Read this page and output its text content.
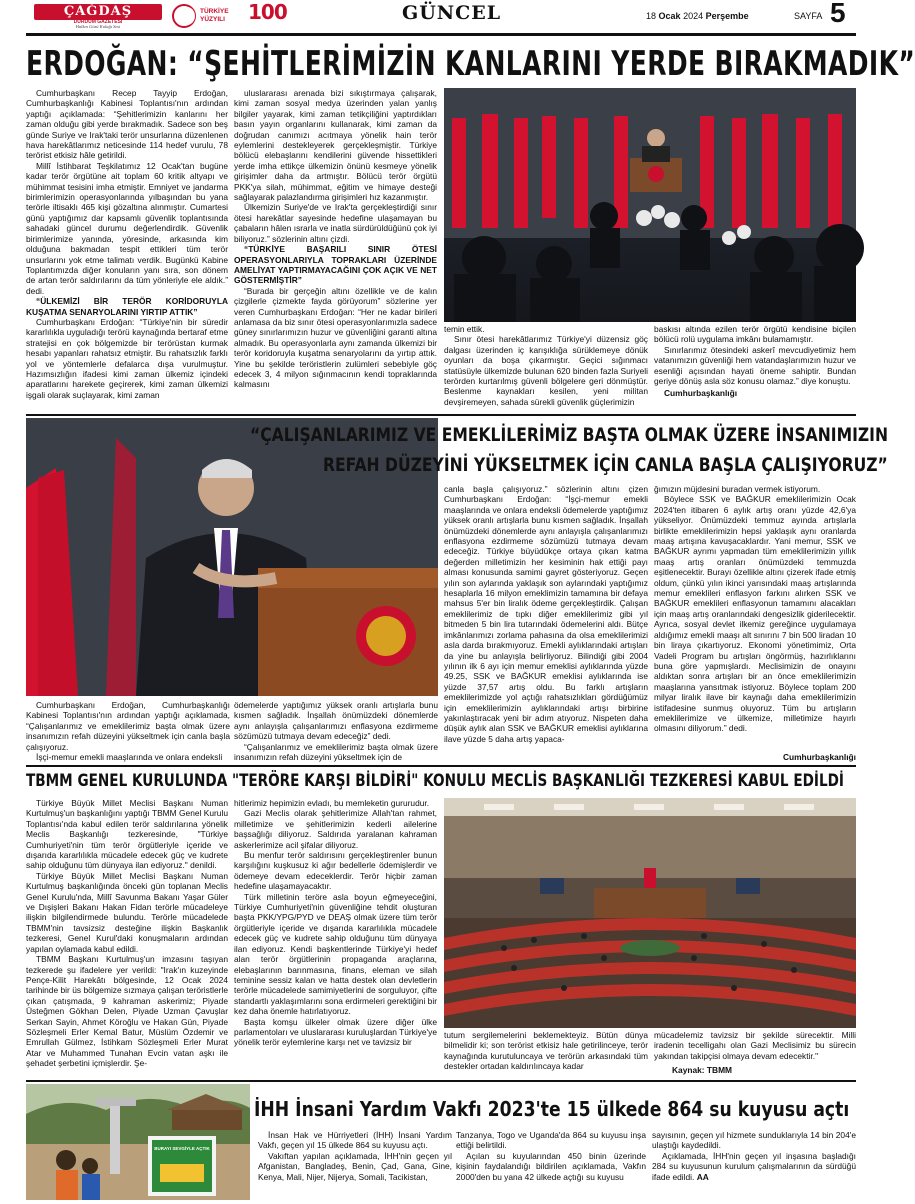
ÇAĞDAŞ
DURDUM GAZETESİ
Halkın Gözü Kulağı Sesi
TÜRKİYE
YÜZYILI 100	GÜNCEL	18 Ocak 2024 Perşembe	SAYFA 5
ERDOĞAN: “ŞEHİTLERİMİZİN KANLARINI YERDE BIRAKMADIK”

Cumhurbaşkanı Recep Tayyip Erdoğan, Cumhurbaşkanlığı Kabinesi Toplantısı'nın ardından yaptığı açıklamada: “Şehitlerimizin kanlarını her zaman olduğu gibi yerde bırakmadık. Sadece son beş günde Suriye ve Irak'taki terör unsurlarına düzenlenen hava harekâtlarımız neticesinde 114 hedef vurulu, 78 terörist etkisiz hâle getirildi.

Millî İstihbarat Teşkilatımız 12 Ocak'tan bugüne kadar terör örgütüne ait toplam 60 kritik altyapı ve mühimmat tesisini imha etmiştir. Emniyet ve jandarma birimlerimizin operasyonlarında yılbaşından bu yana terörle iltisaklı 465 kişi gözaltına alınmıştır. Cumartesi günü yaptığımız dar kapsamlı güvenlik toplantısında sahadaki güncel durumu değerlendirdik. Güvenlik birimlerimize yanında, yöresinde, arkasında kim olduğuna bakmadan tespit ettikleri tüm terör unsurlarını yok etme talimatı verdik. Bugünkü Kabine Toplantımızda diğer konuların yanı sıra, son dönem de artan terör saldırılarını da tüm yönleriyle ele aldık.” dedi.

“ÜLKEMİZİ BİR TERÖR KORİDORUYLA KUŞATMA SENARYOLARINI YIRTIP ATTIK”

Cumhurbaşkanı Erdoğan: “Türkiye'nin bir süredir kararlılıkla uyguladığı terörü kaynağında bertaraf etme stratejisi en çok bölgemizde bir terörüstan kurmak hesabı yapanları rahatsız etmiştir. Bu rahatsızlık farklı yol ve yöntemlerle defalarca dışa vurulmuştur. Hazımsızlığın ifadesi kimi zaman ülkemiz içindeki aparatlarını harekete geçirerek, kimi zaman ülkemizi işgali olarak suçlayarak, kimi zaman

uluslararası arenada bizi sıkıştırmaya çalışarak, kimi zaman sosyal medya üzerinden yalan yanlış bilgiler yayarak, kimi zaman tetikçiliğini yaptırdıkları basın yayın organlarını kullanarak, kimi zaman da doğrudan canımızı acıtmaya yönelik hain terör eylemlerini destekleyerek gerçekleşmiştir. Türkiye bölücü elebaşlarını kendilerini güvende hissettikleri yerde imha ettikçe ülkemizin önünü kesmeye yönelik girişimler daha da artmıştır. Bölücü terör örgütü PKK'ya silah, mühimmat, eğitim ve himaye desteği sağlayarak palazlandırma girişimleri hız kazanmıştır.

Ülkemizin Suriye'de ve Irak'ta gerçekleştirdiği sınır ötesi harekâtlar sayesinde hedefine ulaşamayan bu çabaların hâlen ısrarla ve inatla sürdürüldüğünü çok iyi biliyoruz.” sözlerinin altını çizdi.

“TÜRKİYE BAŞARILI SINIR ÖTESİ OPERASYONLARIYLA TOPRAKLARI ÜZERİNDE AMELİYAT YAPTIRMAYACAĞINI ÇOK AÇIK VE NET GÖSTERMİŞTİR”

“Burada bir gerçeğin altını özellikle ve de kalın çizgilerle çizmekte fayda görüyorum” sözlerine yer veren Cumhurbaşkanı Erdoğan: “Her ne kadar birileri anlamasa da biz sınır ötesi operasyonlarımızla sadece güney sınırlarımızın huzur ve güvenliğini garanti altına almadık. Bu operasyonlarla aynı zamanda ülkemizi bir terör koridoruyla kuşatma senaryolarını da yırtıp attık. Yine bu şekilde teröristlerin zulümleri sebebiyle göç edecek 3, 4 milyon sığınmacının kendi topraklarında kalmasını

temin ettik.

Sınır ötesi harekâtlarımız Türkiye'yi düzensiz göç dalgası üzerinden iç karışıklığa sürüklemeye dönük oyunları da boşa çıkarmıştır. Geçici sığınmacı statüsüyle ülkemizde bulunan 620 binden fazla Suriyeli terörden kurtarılmış güvenli bölgelere geri dönmüştür. Beslenme kaynakları kesilen, yeni militan devşiremeyen, sahada sürekli güvenlik güçlerimizin

baskısı altında ezilen terör örgütü kendisine biçilen bölücü rolü uygulama imkânı bulamamıştır.

Sınırlarımız ötesindeki askerî mevcudiyetimiz hem vatanımızın güvenliği hem vatandaşlarımızın huzur ve esenliği açısından hayati öneme sahiptir. Bundan geriye dönüş asla söz konusu olamaz.” diye konuştu.

Cumhurbaşkanlığı

“ÇALIŞANLARIMIZ VE EMEKLİLERİMİZ BAŞTA OLMAK ÜZERE İNSANIMIZIN
REFAH DÜZEYİNİ YÜKSELTMEK İÇİN CANLA BAŞLA ÇALIŞIYORUZ”

canla başla çalışıyoruz.” sözlerinin altını çizen Cumhurbaşkanı Erdoğan: “İşçi-memur emekli maaşlarında ve onlara endeksli ödemelerde yaptığımız yüksek oranlı artışlarla bunu kısmen sağladık. İnşallah önümüzdeki dönemlerde aynı anlayışla çalışanlarımızı enflasyona ezdirmeme sözümüzü tutmaya devam edeceğiz. Türkiye büyüdükçe ortaya çıkan katma değerden milletimizin her kesiminin hak ettiği payı alması konusunda samimi gayret gösteriyoruz. Geçen yılın son aylarında yaklaşık son aylarındaki yaptığımız hesaplarla 16 milyon emeklimizin tamamına bir defaya mahsus 5'er bin liralık ödeme gerçekleştirdik. Çalışan emeklilerimiz de tıpkı diğer emeklilerimiz gibi yıl bitmeden 5 bin lira tutarındaki ödemelerini aldı. Bütçe imkânlarımızı zorlama pahasına da olsa emeklilerimizi asla darda bırakmıyoruz. Emekli aylıklarındaki artışları da yine bu anlayışla belirliyoruz. Bilindiği gibi 2004 yılının ilk 6 ayı için memur emeklisi aylıklarında yüzde 49.25, SSK ve BAĞKUR emeklisi aylıklarında ise yüzde 37,57 artış oldu. Bu farklı artışların emeklilerimizde yol açtığı rahatsızlıkları gördüğümüz için emeklilerimizin aylıklarındaki artışı birbirine yakınlaştıracak yeni bir adım atıyoruz. Nispeten daha düşük aylık alan SSK ve BAĞKUR emeklisi aylıklarına ilave yüzde 5 daha artış yapaca-

ğımızın müjdesini buradan vermek istiyorum.

Böylece SSK ve BAĞKUR emeklilerimizin Ocak 2024'ten itibaren 6 aylık artış oranı yüzde 42,6'ya yükseliyor. Önümüzdeki temmuz ayında artışlarla birlikte emeklilerimizin hepsi yaklaşık aynı oranlarda maaş artışına kavuşacaklardır. Yani memur, SSK ve BAĞKUR ayrımı yapmadan tüm emeklilerimizin yıllık maaş artış oranları önümüzdeki temmuzda eşitlenecektir. Burayı özellikle altını çizerek ifade etmiş oldum, çünkü yılın ikinci yarısındaki maaş artışlarında memur emeklileri enflasyon farkını alırken SSK ve BAĞKUR emeklileri enflasyonun tamamını alacakları için maaş artış oranlarındaki dengesizlik giderilecektir. Ayrıca, sosyal devlet ilkemiz gereğince uygulamaya aldığımız emekli maaşı alt sınırını 7 bin 500 liradan 10 bin liraya çıkartıyoruz. Ekonomi yönetimimiz, Orta Vadeli Program bu artışları öngörmüş, hazırlıklarını buna göre yapmışlardı. Meclisimizin de onayını aldıktan sonra artışları bir an önce emeklilerimizin maaşlarına yansıtmak istiyoruz. Böylece toplam 200 milyar liralık ilave bir kaynağı daha emeklilerimizin istifadesine sunmuş oluyoruz. Tüm bu artışların emeklilerimize ve ülkemize, milletimize hayırlı olmasını diliyorum.” dedi.

Cumhurbaşkanlığı

Cumhurbaşkanı Erdoğan, Cumhurbaşkanlığı Kabinesi Toplantısı'nın ardından yaptığı açıklamada, “Çalışanlarımız ve emeklilerimiz başta olmak üzere insanımızın refah düzeyini yükseltmek için canla başla çalışıyoruz.

İşçi-memur emekli maaşlarında ve onlara endeksli

ödemelerde yaptığımız yüksek oranlı artışlarla bunu kısmen sağladık. İnşallah önümüzdeki dönemlerde aynı anlayışla çalışanlarımızı enflasyona ezdirmeme sözümüzü tutmaya devam edeceğiz” dedi.

“Çalışanlarımız ve emeklilerimiz başta olmak üzere insanımızın refah düzeyini yükseltmek için de

TBMM GENEL KURULUNDA "TERÖRE KARŞI BİLDİRİ" KONULU MECLİS BAŞKANLIĞI TEZKERESİ KABUL EDİLDİ

Türkiye Büyük Millet Meclisi Başkanı Numan Kurtulmuş'un başkanlığını yaptığı TBMM Genel Kurulu Toplantısı'nda kabul edilen terör saldırılarına yönelik Meclis Başkanlığı tezkeresinde, "Türkiye Cumhuriyeti'nin tüm terör örgütleriyle içeride ve dışarıda kararlılıkla mücadele edecek güç ve kudrete sahip olduğunu tüm dünyaya ilan ediyoruz." denildi.

Türkiye Büyük Millet Meclisi Başkanı Numan Kurtulmuş başkanlığında önceki gün toplanan Meclis Genel Kurulu'nda, Millî Savunma Bakanı Yaşar Güler ve Dışişleri Bakanı Hakan Fidan terörle mücadeleye ilişkin bilgilendirmede bulundu. Terörle mücadelede TBMM'nin tavsizsiz desteğine ilişkin Başkanlık tezkeresi, Genel Kurul'daki konuşmaların ardından yapılan oylamada kabul edildi.

TBMM Başkanı Kurtulmuş'un imzasını taşıyan tezkerede şu ifadelere yer verildi: "Irak'ın kuzeyinde Pençe-Kilit Harekâtı bölgesinde, 12 Ocak 2024 tarihinde bir üs bölgemize sızmaya çalışan teröristlerle çıkan çatışmada, 9 kahraman askerimiz; Piyade Üsteğmen Gökhan Delen, Piyade Uzman Çavuşlar Serkan Sayin, Ahmet Köroğlu ve Hakan Gün, Piyade Sözleşmeli Erler Kemal Batur, Müslüm Özdemir ve Emrullah Gülmez, İstihkam Sözleşmeli Erler Murat Atar ve Muhammed Tunahan Evcin vatan aşkı ile şehadet şerbetini içmişlerdir. Şe-

hitlerimiz hepimizin evladı, bu memleketin gururudur.

Gazi Meclis olarak şehitlerimize Allah'tan rahmet, milletimize ve şehitlerimizin kederli ailelerine başsağlığı diliyoruz. Saldırıda yaralanan kahraman askerlerimize acil şifalar diliyoruz.

Bu menfur terör saldırısını gerçekleştirenler bunun karşılığını kuşkusuz ki ağır bedellerle ödemişlerdir ve ödemeye devam edeceklerdir. Terör hiçbir zaman hedefine ulaşamayacaktır.

Türk milletinin teröre asla boyun eğmeyeceğini, Türkiye Cumhuriyeti'nin güvenliğine tehdit oluşturan başta PKK/YPG/PYD ve DEAŞ olmak üzere tüm terör örgütleriyle içeride ve dışarıda kararlılıkla mücadele edecek güç ve kudrete sahip olduğunu tüm dünyaya ilan ediyoruz. Kendi başkentlerinde Türkiye'yi hedef alan terör örgütlerinin propaganda araçlarına, elebaşlarının barınmasına, finans, eleman ve silah teminine sessiz kalan ve hatta destek olan devletlerin terörle mücadelede samimiyetlerini de sorguluyor, çifte standartlı yaklaşımlarını sona erdirmeleri gerektiğini bir kez daha önemle hatırlatıyoruz.

Başta komşu ülkeler olmak üzere diğer ülke parlamentoları ve uluslararası kuruluşlardan Türkiye'ye yönelik terör eylemlerine karşı net ve tavizsiz bir

tutum sergilemelerini beklemekteyiz. Bütün dünya bilmelidir ki; son terörist etkisiz hale getirilinceye, terör kaynağında kurutuluncaya ve terörün arkasındaki tüm destekler ortadan kaldırılıncaya kadar

mücadelemiz tavizsiz bir şekilde sürecektir. Milli iradenin tecelligahı olan Gazi Meclisimiz bu sürecin yakından takipçisi olmaya devam edecektir."

Kaynak: TBMM
BURAYI SEVGİYLE AÇTIK
İHH İnsani Yardım Vakfı 2023'te 15 ülkede 864 su kuyusu açtı

İnsan Hak ve Hürriyetleri (İHH) İnsani Yardım Vakfı, geçen yıl 15 ülkede 864 su kuyusu açtı.

Vakıftan yapılan açıklamada, İHH'nin geçen yıl Afganistan, Bangladeş, Benin, Çad, Gana, Gine, Kenya, Mali, Nijer, Nijerya, Somali, Tacikistan,

Tanzanya, Togo ve Uganda'da 864 su kuyusu inşa ettiği belirtildi.

Açılan su kuyularından 450 binin üzerinde kişinin faydalandığı bildirilen açıklamada, Vakfın 2000'den bu yana 42 ülkede açtığı su kuyusu

sayısının, geçen yıl hizmete sunduklarıyla 14 bin 204'e ulaştığı kaydedildi.

Açıklamada, İHH'nin geçen yıl inşasına başladığı 284 su kuyusunun kurulum çalışmalarının da sürdüğü ifade edildi. AA
